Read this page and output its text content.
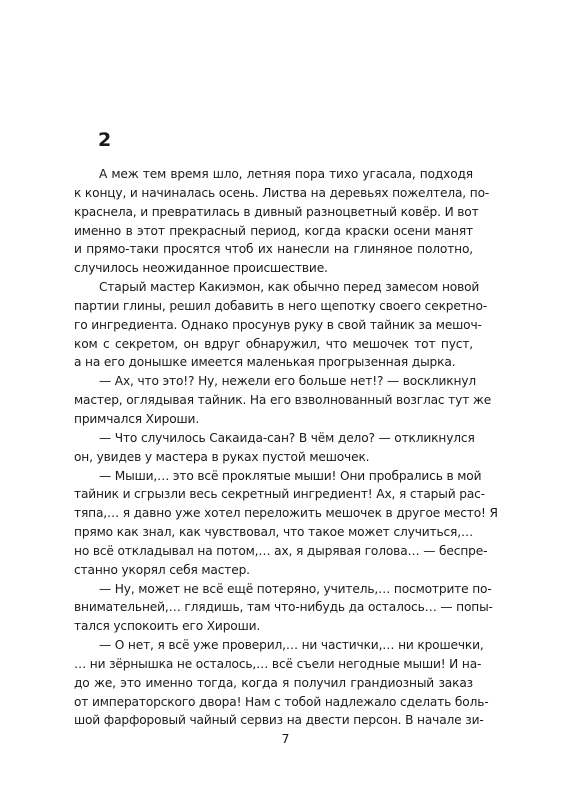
2
А меж тем время шло, летняя пора тихо угасала, подходя
к концу, и начиналась осень. Листва на деревьях пожелтела, по-
краснела, и превратилась в дивный разноцветный ковёр. И вот
именно в этот прекрасный период, когда краски осени манят
и прямо-таки просятся чтоб их нанесли на глиняное полотно,
случилось неожиданное происшествие.
Старый мастер Какиэмон, как обычно перед замесом новой
партии глины, решил добавить в него щепотку своего секретно-
го ингредиента. Однако просунув руку в свой тайник за мешоч-
ком с секретом, он вдруг обнаружил, что мешочек тот пуст,
а на его донышке имеется маленькая прогрызенная дырка.
— Ах, что это!? Ну, нежели его больше нет!? — воскликнул
мастер, оглядывая тайник. На его взволнованный возглас тут же
примчался Хироши.
— Что случилось Сакаида-сан? В чём дело? — откликнулся
он, увидев у мастера в руках пустой мешочек.
— Мыши,… это всё проклятые мыши! Они пробрались в мой
тайник и сгрызли весь секретный ингредиент! Ах, я старый рас-
тяпа,… я давно уже хотел переложить мешочек в другое место! Я
прямо как знал, как чувствовал, что такое может случиться,…
но всё откладывал на потом,… ах, я дырявая голова… — беспре-
станно укорял себя мастер.
— Ну, может не всё ещё потеряно, учитель,… посмотрите по-
внимательней,… глядишь, там что-нибудь да осталось… — попы-
тался успокоить его Хироши.
— О нет, я всё уже проверил,… ни частички,… ни крошечки,
… ни зёрнышка не осталось,… всё съели негодные мыши! И на-
до же, это именно тогда, когда я получил грандиозный заказ
от императорского двора! Нам с тобой надлежало сделать боль-
шой фарфоровый чайный сервиз на двести персон. В начале зи-
7
